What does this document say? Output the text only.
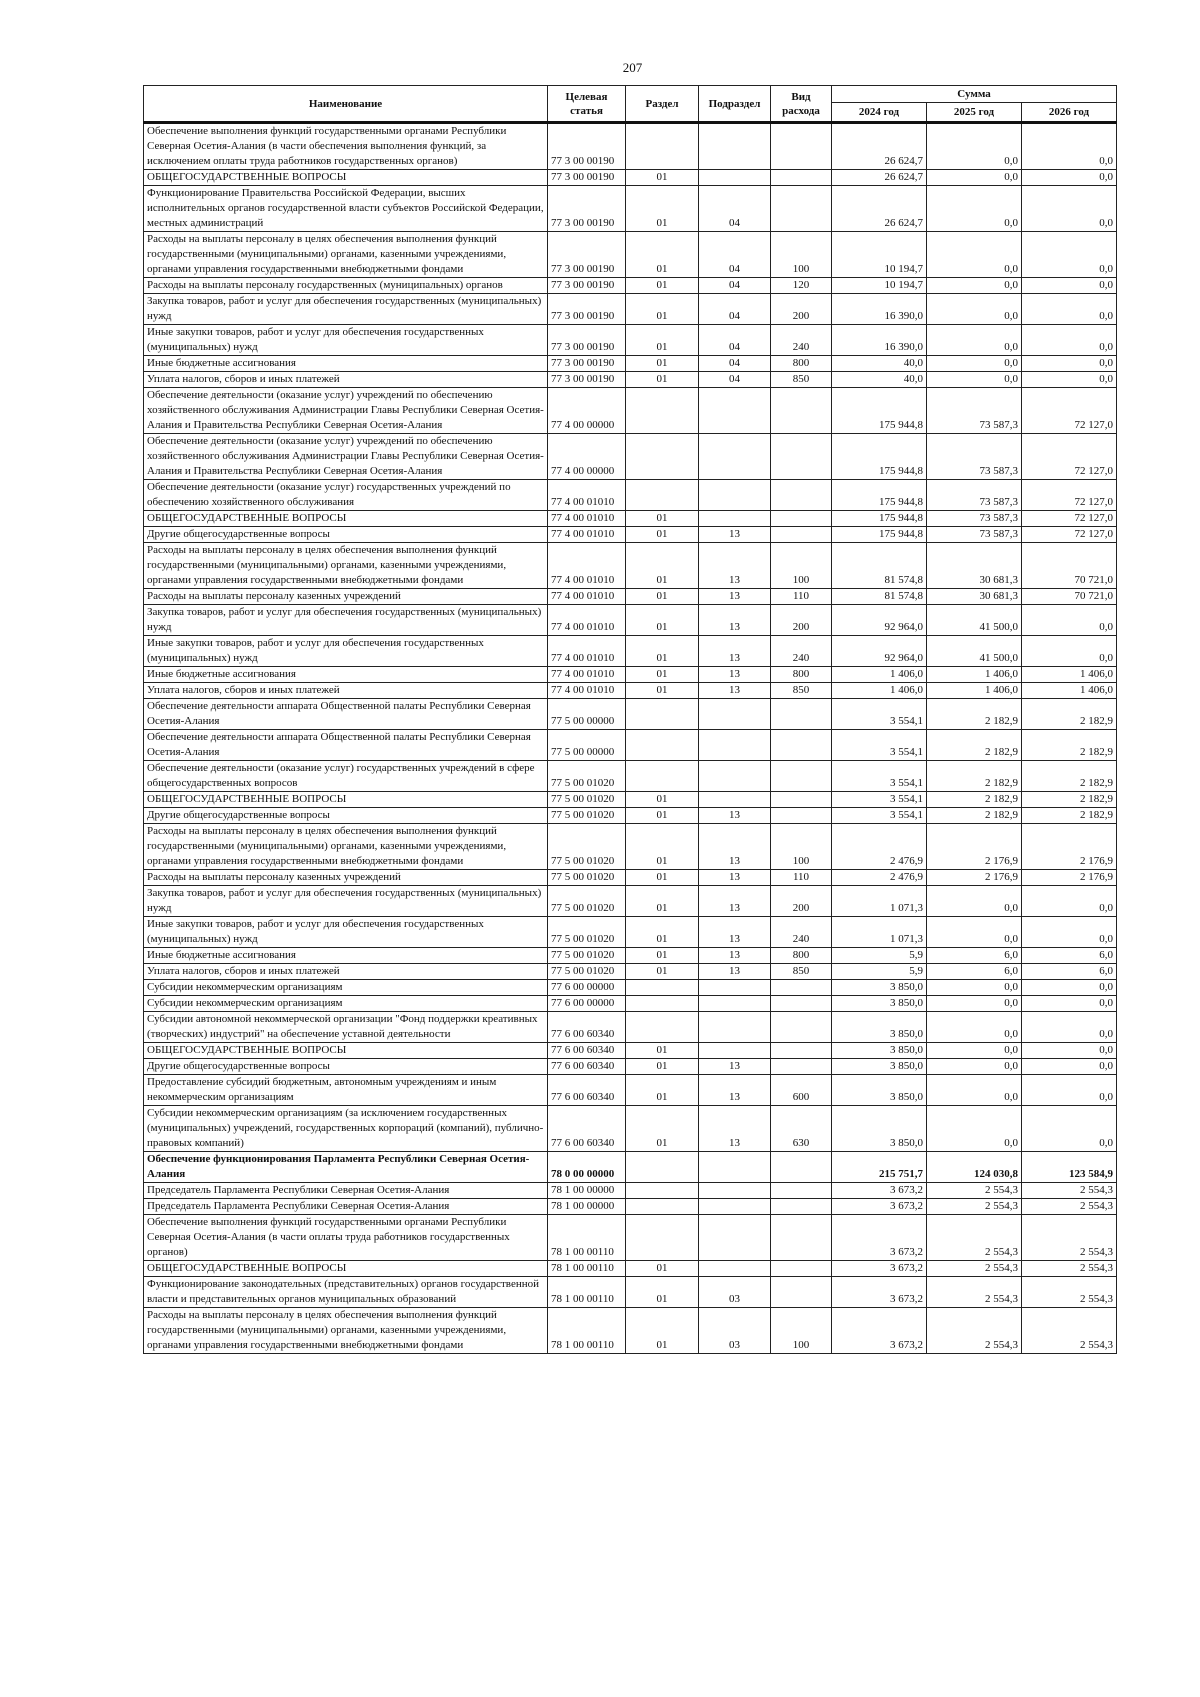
207
Наименование	Целевая статья	Раздел	Подраздел	Вид расхода	Сумма		
					2024 год	2025 год	2026 год
Обеспечение выполнения функций государственными органами Республики Северная Осетия-Алания (в части обеспечения выполнения функций, за исключением оплаты труда работников государственных органов)	77 3 00 00190				26 624,7	0,0	0,0
ОБЩЕГОСУДАРСТВЕННЫЕ ВОПРОСЫ	77 3 00 00190	01			26 624,7	0,0	0,0
Функционирование Правительства Российской Федерации, высших исполнительных органов государственной власти субъектов Российской Федерации, местных администраций	77 3 00 00190	01	04		26 624,7	0,0	0,0
Расходы на выплаты персоналу в целях обеспечения выполнения функций государственными (муниципальными) органами, казенными учреждениями, органами управления государственными внебюджетными фондами	77 3 00 00190	01	04	100	10 194,7	0,0	0,0
Расходы на выплаты персоналу государственных (муниципальных) органов	77 3 00 00190	01	04	120	10 194,7	0,0	0,0
Закупка товаров, работ и услуг для обеспечения государственных (муниципальных) нужд	77 3 00 00190	01	04	200	16 390,0	0,0	0,0
Иные закупки товаров, работ и услуг для обеспечения государственных (муниципальных) нужд	77 3 00 00190	01	04	240	16 390,0	0,0	0,0
Иные бюджетные ассигнования	77 3 00 00190	01	04	800	40,0	0,0	0,0
Уплата налогов, сборов и иных платежей	77 3 00 00190	01	04	850	40,0	0,0	0,0
Обеспечение деятельности (оказание услуг) учреждений по обеспечению хозяйственного обслуживания Администрации Главы Республики Северная Осетия-Алания и Правительства Республики Северная Осетия-Алания	77 4 00 00000				175 944,8	73 587,3	72 127,0
Обеспечение деятельности (оказание услуг) учреждений по обеспечению хозяйственного обслуживания Администрации Главы Республики Северная Осетия-Алания и Правительства Республики Северная Осетия-Алания	77 4 00 00000				175 944,8	73 587,3	72 127,0
Обеспечение деятельности (оказание услуг) государственных учреждений по обеспечению хозяйственного обслуживания	77 4 00 01010				175 944,8	73 587,3	72 127,0
ОБЩЕГОСУДАРСТВЕННЫЕ ВОПРОСЫ	77 4 00 01010	01			175 944,8	73 587,3	72 127,0
Другие общегосударственные вопросы	77 4 00 01010	01	13		175 944,8	73 587,3	72 127,0
Расходы на выплаты персоналу в целях обеспечения выполнения функций государственными (муниципальными) органами, казенными учреждениями, органами управления государственными внебюджетными фондами	77 4 00 01010	01	13	100	81 574,8	30 681,3	70 721,0
Расходы на выплаты персоналу казенных учреждений	77 4 00 01010	01	13	110	81 574,8	30 681,3	70 721,0
Закупка товаров, работ и услуг для обеспечения государственных (муниципальных) нужд	77 4 00 01010	01	13	200	92 964,0	41 500,0	0,0
Иные закупки товаров, работ и услуг для обеспечения государственных (муниципальных) нужд	77 4 00 01010	01	13	240	92 964,0	41 500,0	0,0
Иные бюджетные ассигнования	77 4 00 01010	01	13	800	1 406,0	1 406,0	1 406,0
Уплата налогов, сборов и иных платежей	77 4 00 01010	01	13	850	1 406,0	1 406,0	1 406,0
Обеспечение деятельности аппарата Общественной палаты Республики Северная Осетия-Алания	77 5 00 00000				3 554,1	2 182,9	2 182,9
Обеспечение деятельности аппарата Общественной палаты Республики Северная Осетия-Алания	77 5 00 00000				3 554,1	2 182,9	2 182,9
Обеспечение деятельности (оказание услуг) государственных учреждений в сфере общегосударственных вопросов	77 5 00 01020				3 554,1	2 182,9	2 182,9
ОБЩЕГОСУДАРСТВЕННЫЕ ВОПРОСЫ	77 5 00 01020	01			3 554,1	2 182,9	2 182,9
Другие общегосударственные вопросы	77 5 00 01020	01	13		3 554,1	2 182,9	2 182,9
Расходы на выплаты персоналу в целях обеспечения выполнения функций государственными (муниципальными) органами, казенными учреждениями, органами управления государственными внебюджетными фондами	77 5 00 01020	01	13	100	2 476,9	2 176,9	2 176,9
Расходы на выплаты персоналу казенных учреждений	77 5 00 01020	01	13	110	2 476,9	2 176,9	2 176,9
Закупка товаров, работ и услуг для обеспечения государственных (муниципальных) нужд	77 5 00 01020	01	13	200	1 071,3	0,0	0,0
Иные закупки товаров, работ и услуг для обеспечения государственных (муниципальных) нужд	77 5 00 01020	01	13	240	1 071,3	0,0	0,0
Иные бюджетные ассигнования	77 5 00 01020	01	13	800	5,9	6,0	6,0
Уплата налогов, сборов и иных платежей	77 5 00 01020	01	13	850	5,9	6,0	6,0
Субсидии некоммерческим организациям	77 6 00 00000				3 850,0	0,0	0,0
Субсидии некоммерческим организациям	77 6 00 00000				3 850,0	0,0	0,0
Субсидии автономной некоммерческой организации "Фонд поддержки креативных (творческих) индустрий" на обеспечение уставной деятельности	77 6 00 60340				3 850,0	0,0	0,0
ОБЩЕГОСУДАРСТВЕННЫЕ ВОПРОСЫ	77 6 00 60340	01			3 850,0	0,0	0,0
Другие общегосударственные вопросы	77 6 00 60340	01	13		3 850,0	0,0	0,0
Предоставление субсидий бюджетным, автономным учреждениям и иным некоммерческим организациям	77 6 00 60340	01	13	600	3 850,0	0,0	0,0
Субсидии некоммерческим организациям (за исключением государственных (муниципальных) учреждений, государственных корпораций (компаний), публично-правовых компаний)	77 6 00 60340	01	13	630	3 850,0	0,0	0,0
Обеспечение функционирования Парламента Республики Северная Осетия-Алания	78 0 00 00000				215 751,7	124 030,8	123 584,9
Председатель Парламента Республики Северная Осетия-Алания	78 1 00 00000				3 673,2	2 554,3	2 554,3
Председатель Парламента Республики Северная Осетия-Алания	78 1 00 00000				3 673,2	2 554,3	2 554,3
Обеспечение выполнения функций государственными органами Республики Северная Осетия-Алания (в части оплаты труда работников государственных органов)	78 1 00 00110				3 673,2	2 554,3	2 554,3
ОБЩЕГОСУДАРСТВЕННЫЕ ВОПРОСЫ	78 1 00 00110	01			3 673,2	2 554,3	2 554,3
Функционирование законодательных (представительных) органов государственной власти и представительных органов муниципальных образований	78 1 00 00110	01	03		3 673,2	2 554,3	2 554,3
Расходы на выплаты персоналу в целях обеспечения выполнения функций государственными (муниципальными) органами, казенными учреждениями, органами управления государственными внебюджетными фондами	78 1 00 00110	01	03	100	3 673,2	2 554,3	2 554,3
